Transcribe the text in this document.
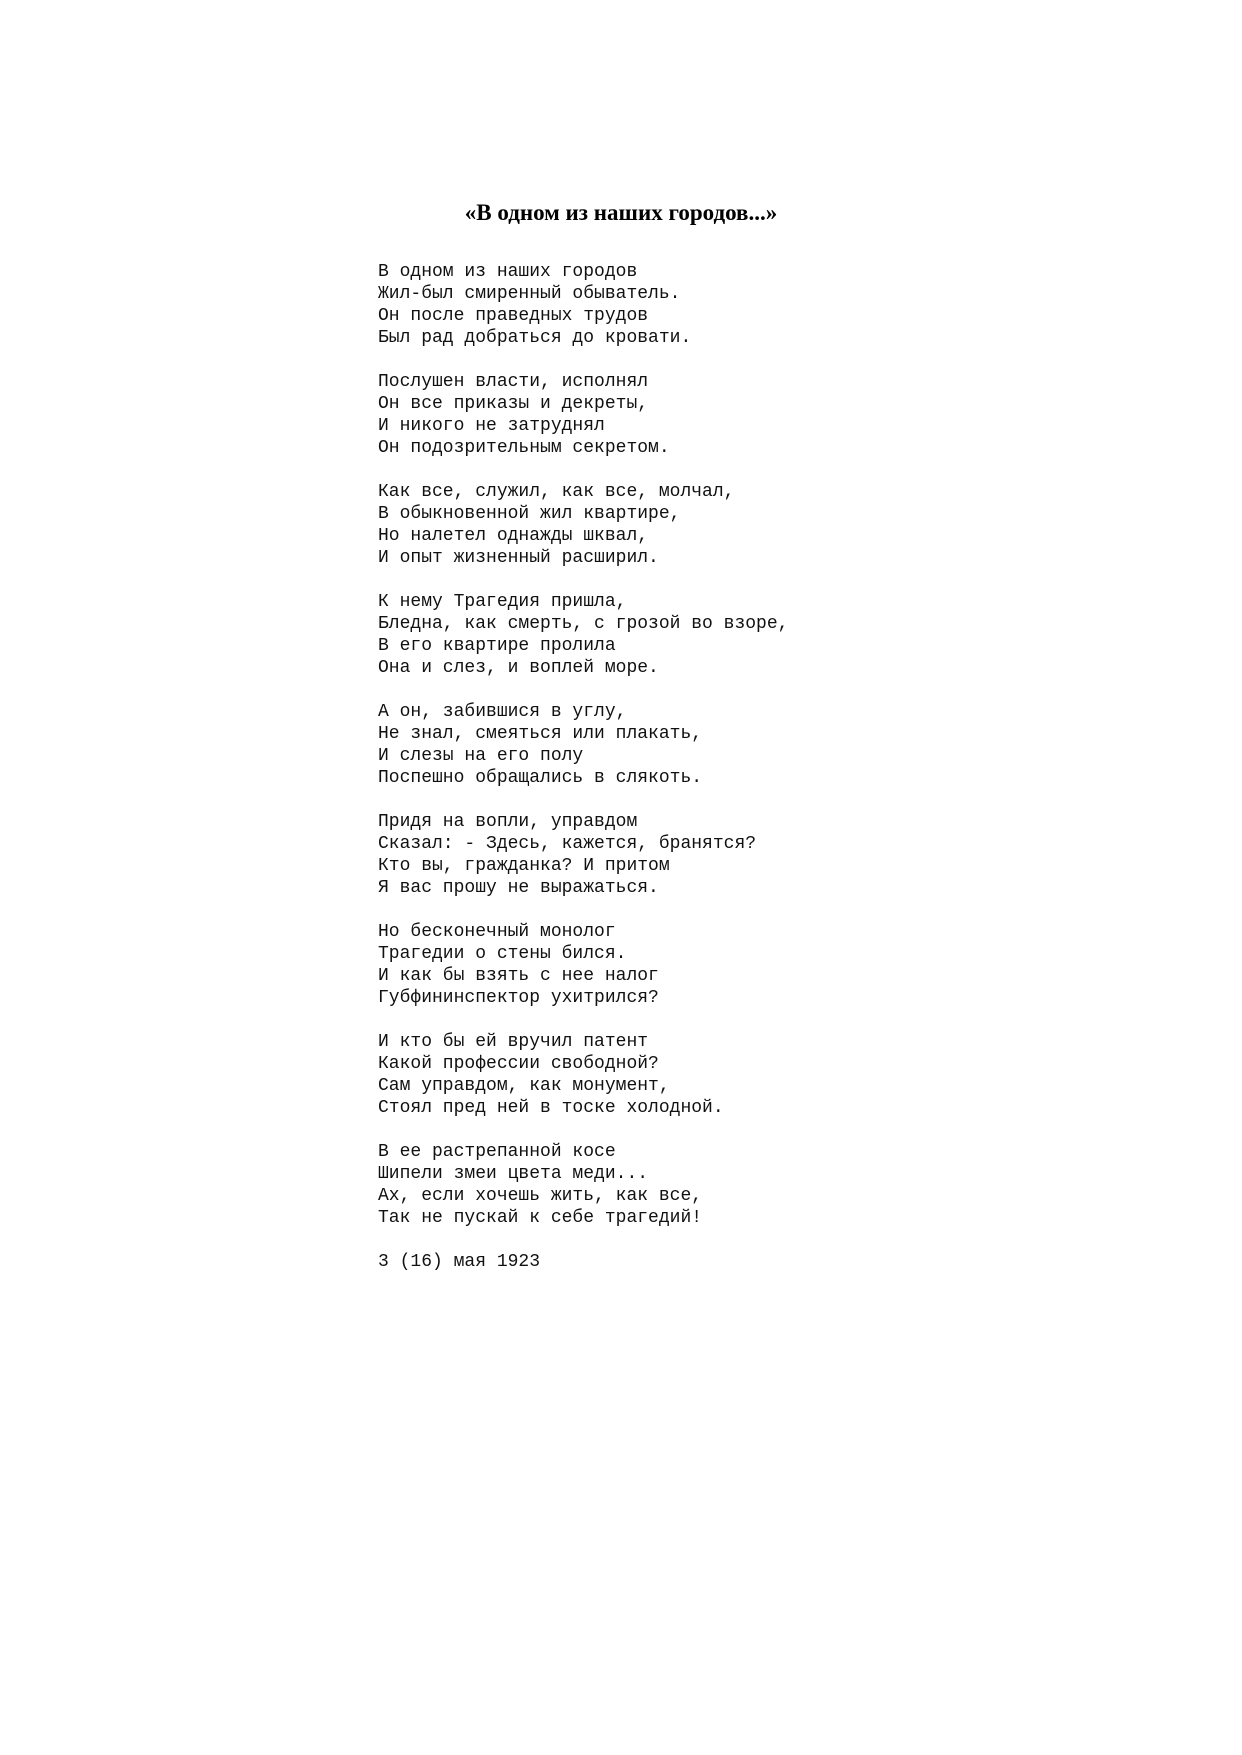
«В одном из наших городов...»
В одном из наших городов
Жил-был смиренный обыватель.
Он после праведных трудов
Был рад добраться до кровати.
Послушен власти, исполнял
Он все приказы и декреты,
И никого не затруднял
Он подозрительным секретом.
Как все, служил, как все, молчал,
В обыкновенной жил квартире,
Но налетел однажды шквал,
И опыт жизненный расширил.
К нему Трагедия пришла,
Бледна, как смерть, с грозой во взоре,
В его квартире пролила
Она и слез, и воплей море.
А он, забившися в углу,
Не знал, смеяться или плакать,
И слезы на его полу
Поспешно обращались в слякоть.
Придя на вопли, управдом
Сказал: - Здесь, кажется, бранятся?
Кто вы, гражданка? И притом
Я вас прошу не выражаться.
Но бесконечный монолог
Трагедии о стены бился.
И как бы взять с нее налог
Губфининспектор ухитрился?
И кто бы ей вручил патент
Какой профессии свободной?
Сам управдом, как монумент,
Стоял пред ней в тоске холодной.
В ее растрепанной косе
Шипели змеи цвета меди...
Ах, если хочешь жить, как все,
Так не пускай к себе трагедий!
3 (16) мая 1923
